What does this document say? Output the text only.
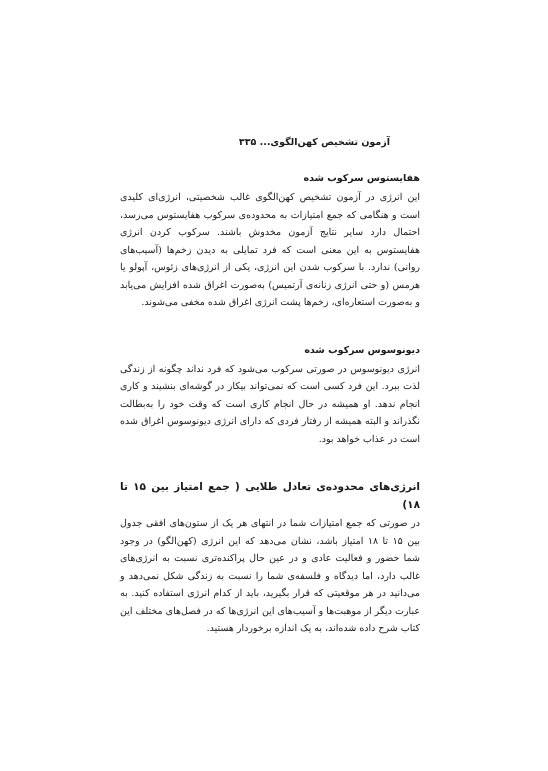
آزمون تشخیص کهن‌الگوی... ۳۳۵
هفایستوس سرکوب شده

این انرژی در آزمون تشخیص کهن‌الگوی غالب شخصیتی، انرژی‌ای کلیدی است و هنگامی که جمع امتیازات به محدوده‌ی سرکوب هفایستوس می‌رسد، احتمال دارد سایر نتایج آزمون مخدوش باشند. سرکوب کردن انرژی هفایستوس به این معنی است که فرد تمایلی به دیدن زخم‌ها (آسیب‌های روانی) ندارد. با سرکوب شدن این انرژی، یکی از انرژی‌های زئوس، آپولو یا هرمس (و حتی انرژی زنانه‌ی آرتمیس) به‌صورت اغراق شده افزایش می‌یابد و به‌صورت استعاره‌ای، زخم‌ها پشت انرژی اغراق شده مخفی می‌شوند.

دیونوسوس سرکوب شده

انرژی دیونوسوس در صورتی سرکوب می‌شود که فرد نداند چگونه از زندگی لذت ببرد. این فرد کسی است که نمی‌تواند بیکار در گوشه‌ای بنشیند و کاری انجام ندهد. او همیشه در حال انجام کاری است که وقت خود را به‌بطالت نگذراند و البته همیشه از رفتار فردی که دارای انرژی دیونوسوس اغراق شده است در عذاب خواهد بود.

انرژی‌های محدوده‌ی تعادل طلایی ( جمع امتیاز بین ۱۵ تا ۱۸)

در صورتی که جمع امتیازات شما در انتهای هر یک از ستون‌های افقی جدول بین ۱۵ تا ۱۸ امتیاز باشد، نشان می‌دهد که این انرژی (کهن‌الگو) در وجود شما حضور و فعالیت عادی و در عین حال پراکنده‌تری نسبت به انرژی‌های غالب دارد، اما دیدگاه و فلسفه‌ی شما را نسبت به زندگی شکل نمی‌دهد و می‌دانید در هر موقعیتی که قرار بگیرید، باید از کدام انرژی استفاده کنید. به عبارت دیگر از موهبت‌ها و آسیب‌های این انرژی‌ها که در فصل‌های مختلف این کتاب شرح داده شده‌اند، به یک اندازه برخوردار هستید.
